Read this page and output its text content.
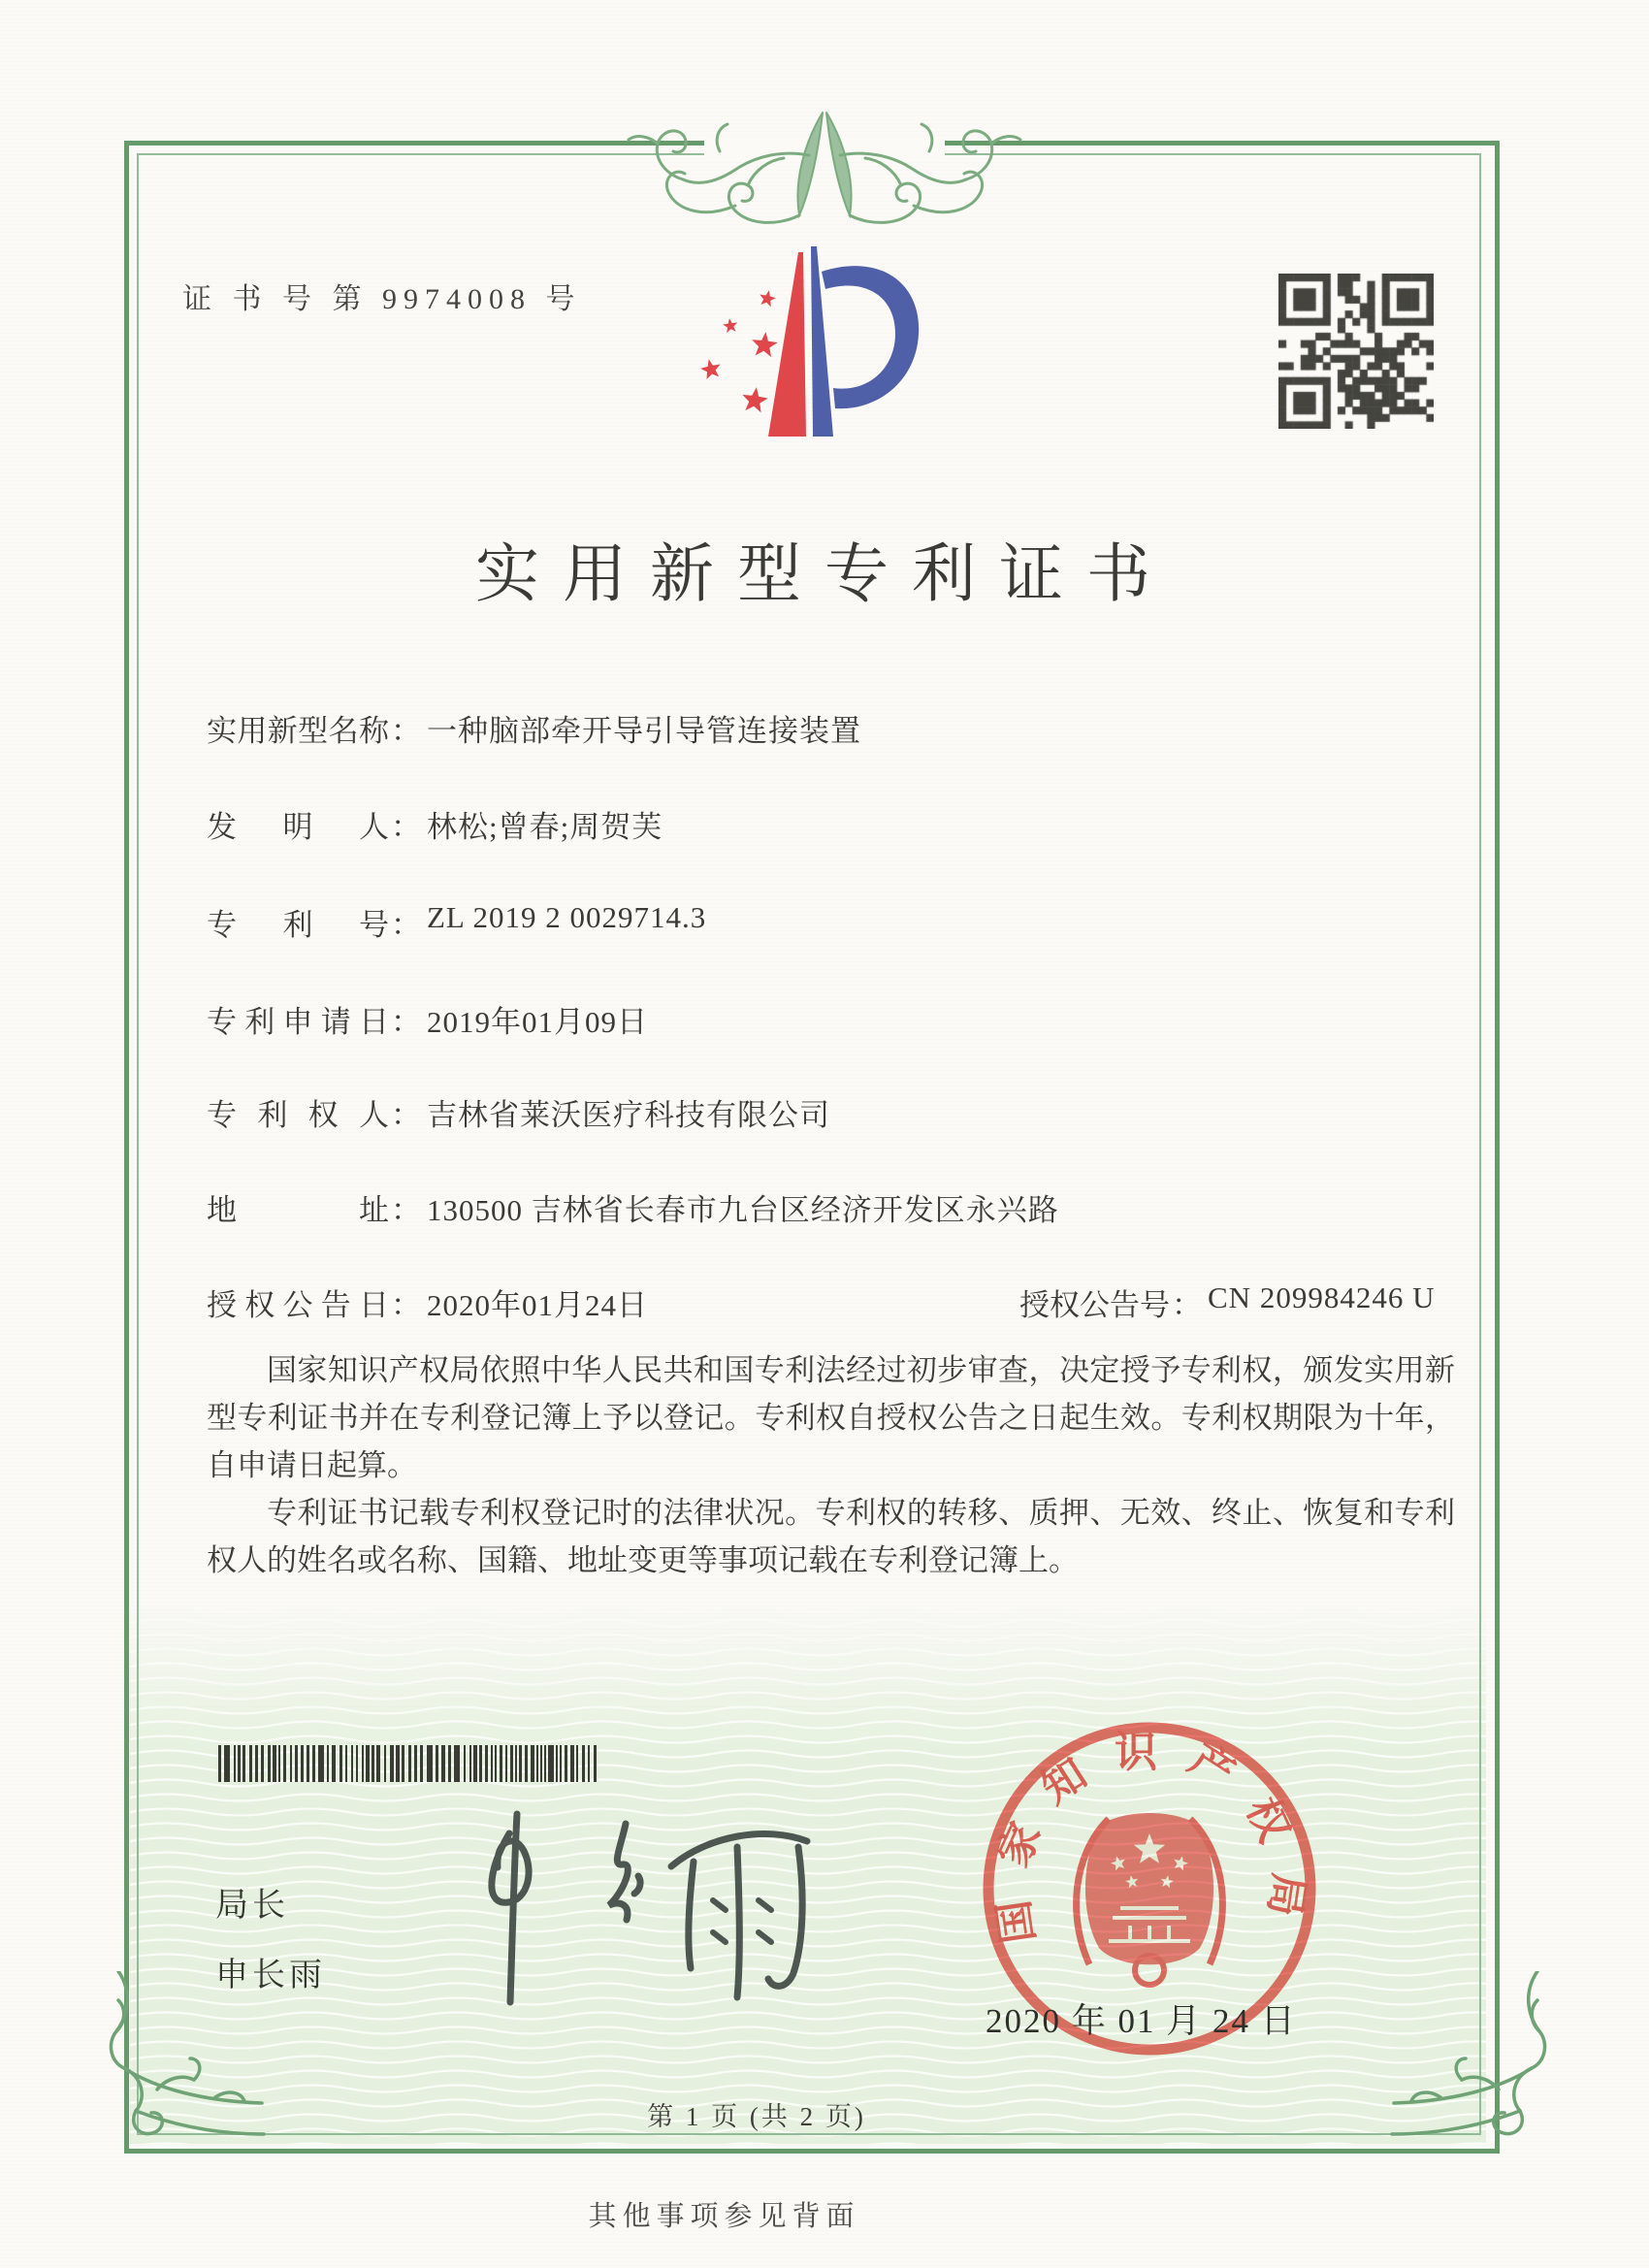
证 书 号 第 9974008 号
实用新型专利证书
实 用 新 型 名 称 ： 一种脑部牵开导引导管连接装置
发 明 人 ： 林松;曾春;周贺芙
专 利 号 ： ZL 2019 2 0029714.3
专 利 申 请 日 ： 2019年01月09日
专 利 权 人 ： 吉林省莱沃医疗科技有限公司
地	址 ： 130500 吉林省长春市九台区经济开发区永兴路
授 权 公 告 日 ： 2020年01月24日	授权公告号 ： CN 209984246 U

国家知识产权局依照中华人民共和国专利法经过初步审查，决定授予专利权，颁发实用新型专利证书并在专利登记簿上予以登记。专利权自授权公告之日起生效。专利权期限为十年，自申请日起算。

专利证书记载专利权登记时的法律状况。专利权的转移、质押、无效、终止、恢复和专利权人的姓名或名称、国籍、地址变更等事项记载在专利登记簿上。

局长
申长雨
国家知识产权局
2020 年 01 月 24 日
第 1 页 (共 2 页)
其他事项参见背面
